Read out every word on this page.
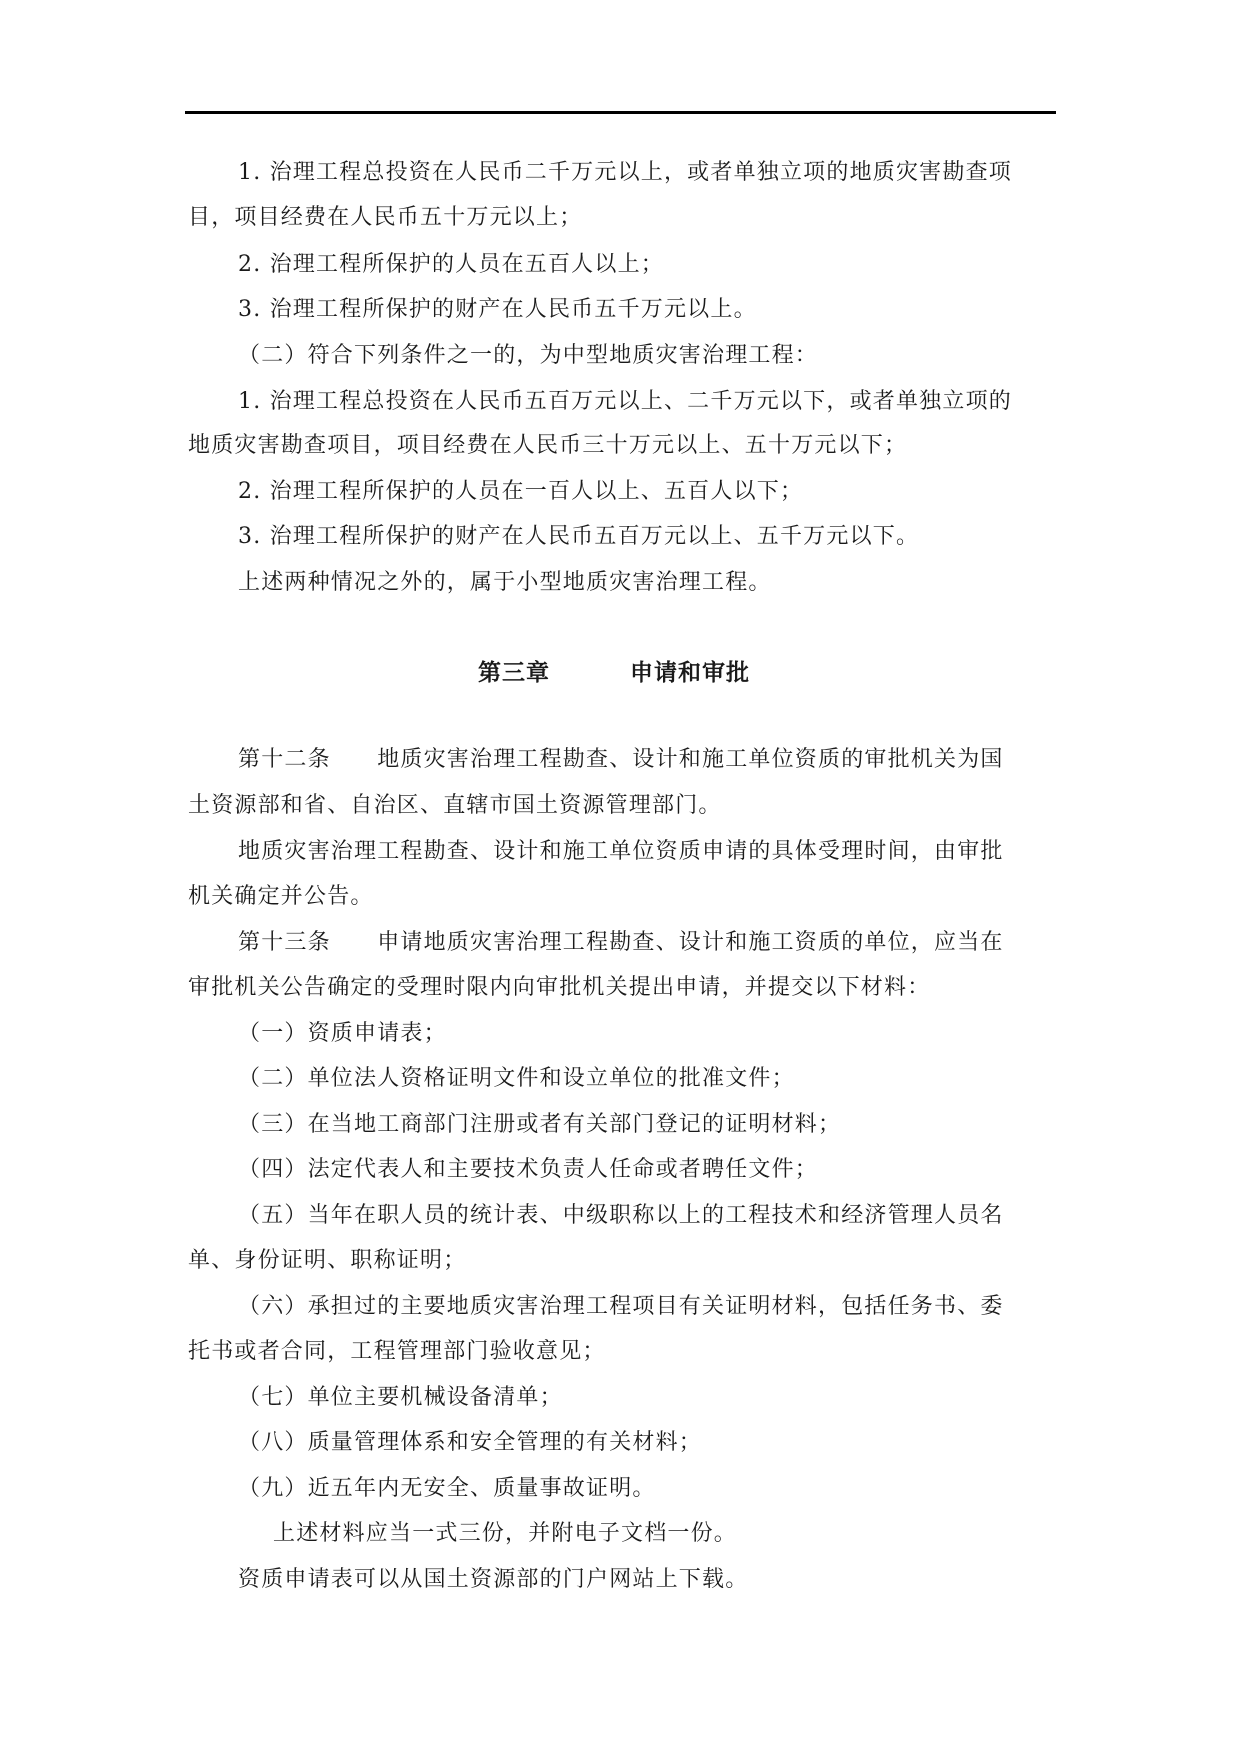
1. 治理工程总投资在人民币二千万元以上，或者单独立项的地质灾害勘查项
目，项目经费在人民币五十万元以上；
2. 治理工程所保护的人员在五百人以上；
3. 治理工程所保护的财产在人民币五千万元以上。
（二）符合下列条件之一的，为中型地质灾害治理工程：
1. 治理工程总投资在人民币五百万元以上、二千万元以下，或者单独立项的
地质灾害勘查项目，项目经费在人民币三十万元以上、五十万元以下；
2. 治理工程所保护的人员在一百人以上、五百人以下；
3. 治理工程所保护的财产在人民币五百万元以上、五千万元以下。
上述两种情况之外的，属于小型地质灾害治理工程。
第三章	申请和审批
第十二条　　地质灾害治理工程勘查、设计和施工单位资质的审批机关为国
土资源部和省、自治区、直辖市国土资源管理部门。
地质灾害治理工程勘查、设计和施工单位资质申请的具体受理时间，由审批
机关确定并公告。
第十三条　　申请地质灾害治理工程勘查、设计和施工资质的单位，应当在
审批机关公告确定的受理时限内向审批机关提出申请，并提交以下材料：
（一）资质申请表；
（二）单位法人资格证明文件和设立单位的批准文件；
（三）在当地工商部门注册或者有关部门登记的证明材料；
（四）法定代表人和主要技术负责人任命或者聘任文件；
（五）当年在职人员的统计表、中级职称以上的工程技术和经济管理人员名
单、身份证明、职称证明；
（六）承担过的主要地质灾害治理工程项目有关证明材料，包括任务书、委
托书或者合同，工程管理部门验收意见；
（七）单位主要机械设备清单；
（八）质量管理体系和安全管理的有关材料；
（九）近五年内无安全、质量事故证明。
上述材料应当一式三份，并附电子文档一份。
资质申请表可以从国土资源部的门户网站上下载。
